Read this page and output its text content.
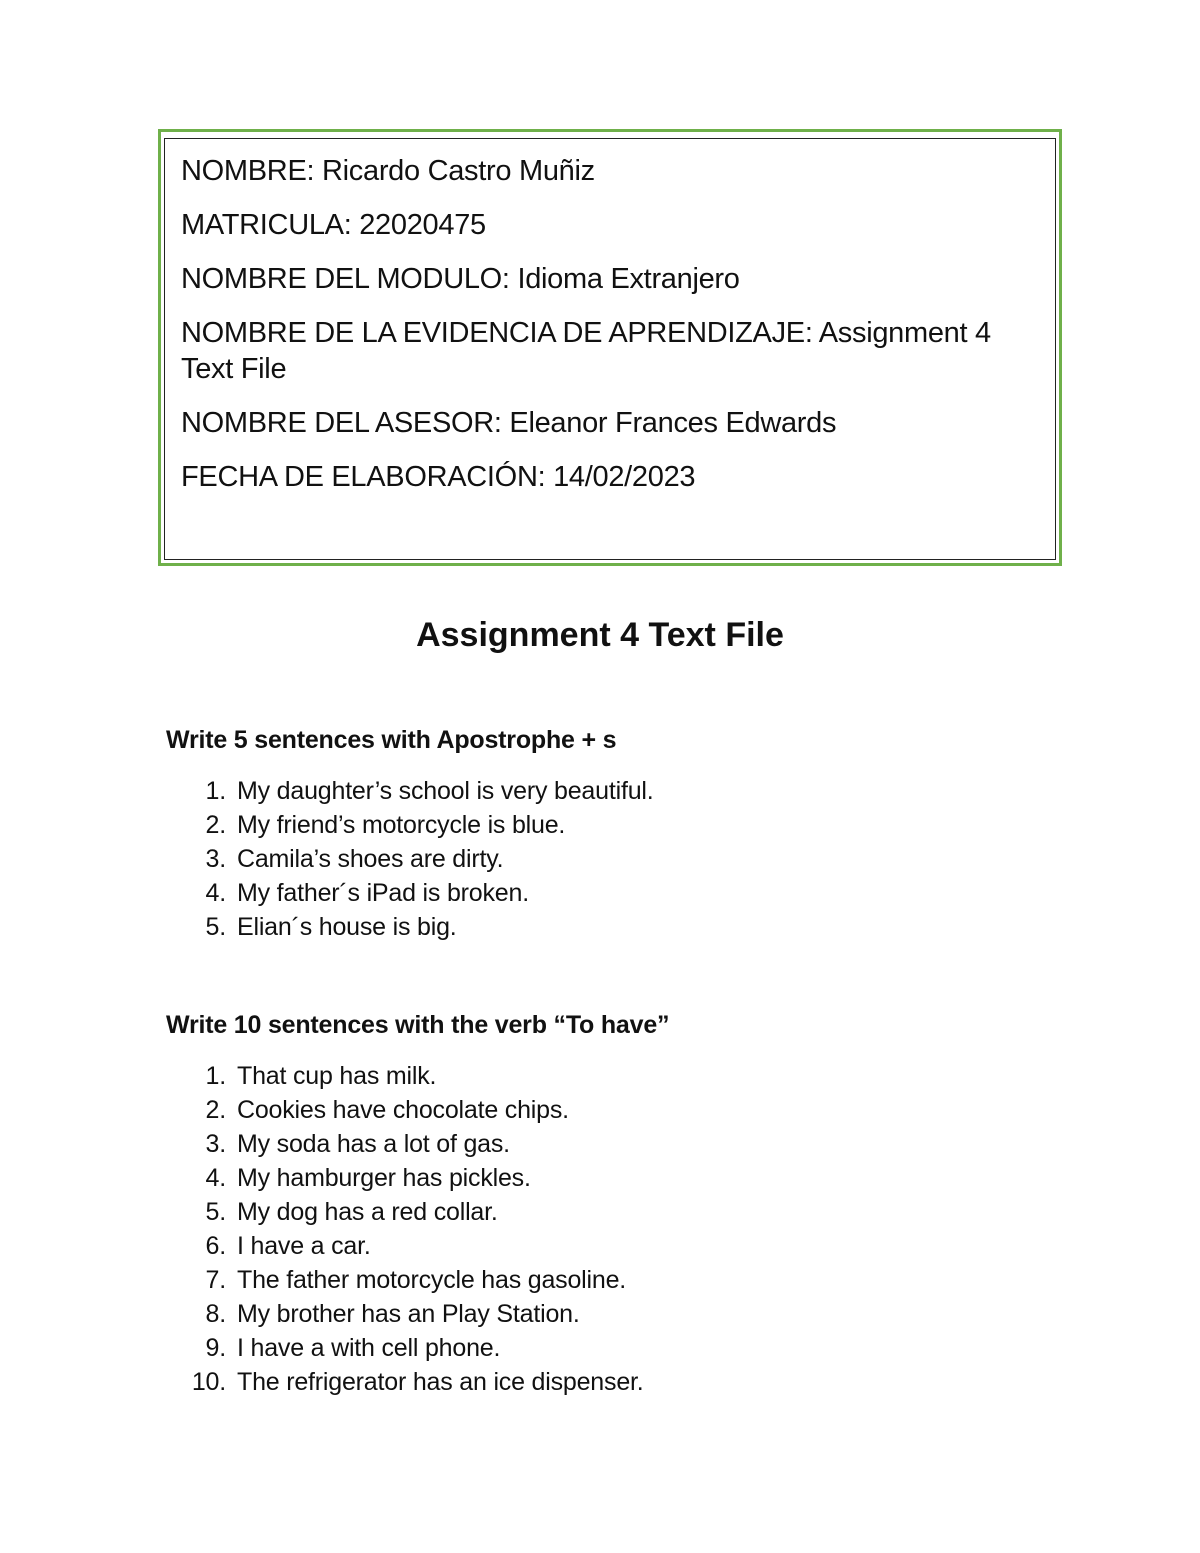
NOMBRE: Ricardo Castro Muñiz

MATRICULA: 22020475

NOMBRE DEL MODULO: Idioma Extranjero

NOMBRE DE LA EVIDENCIA DE APRENDIZAJE: Assignment 4 Text File

NOMBRE DEL ASESOR: Eleanor Frances Edwards

FECHA DE ELABORACIÓN: 14/02/2023

Assignment 4 Text File
Write 5 sentences with Apostrophe + s
1. My daughter’s school is very beautiful.
2. My friend’s motorcycle is blue.
3. Camila’s shoes are dirty.
4. My father´s iPad is broken.
5. Elian´s house is big.
Write 10 sentences with the verb “To have”
1. That cup has milk.
2. Cookies have chocolate chips.
3. My soda has a lot of gas.
4. My hamburger has pickles.
5. My dog has a red collar.
6. I have a car.
7. The father motorcycle has gasoline.
8. My brother has an Play Station.
9. I have a with cell phone.
10. The refrigerator has an ice dispenser.
